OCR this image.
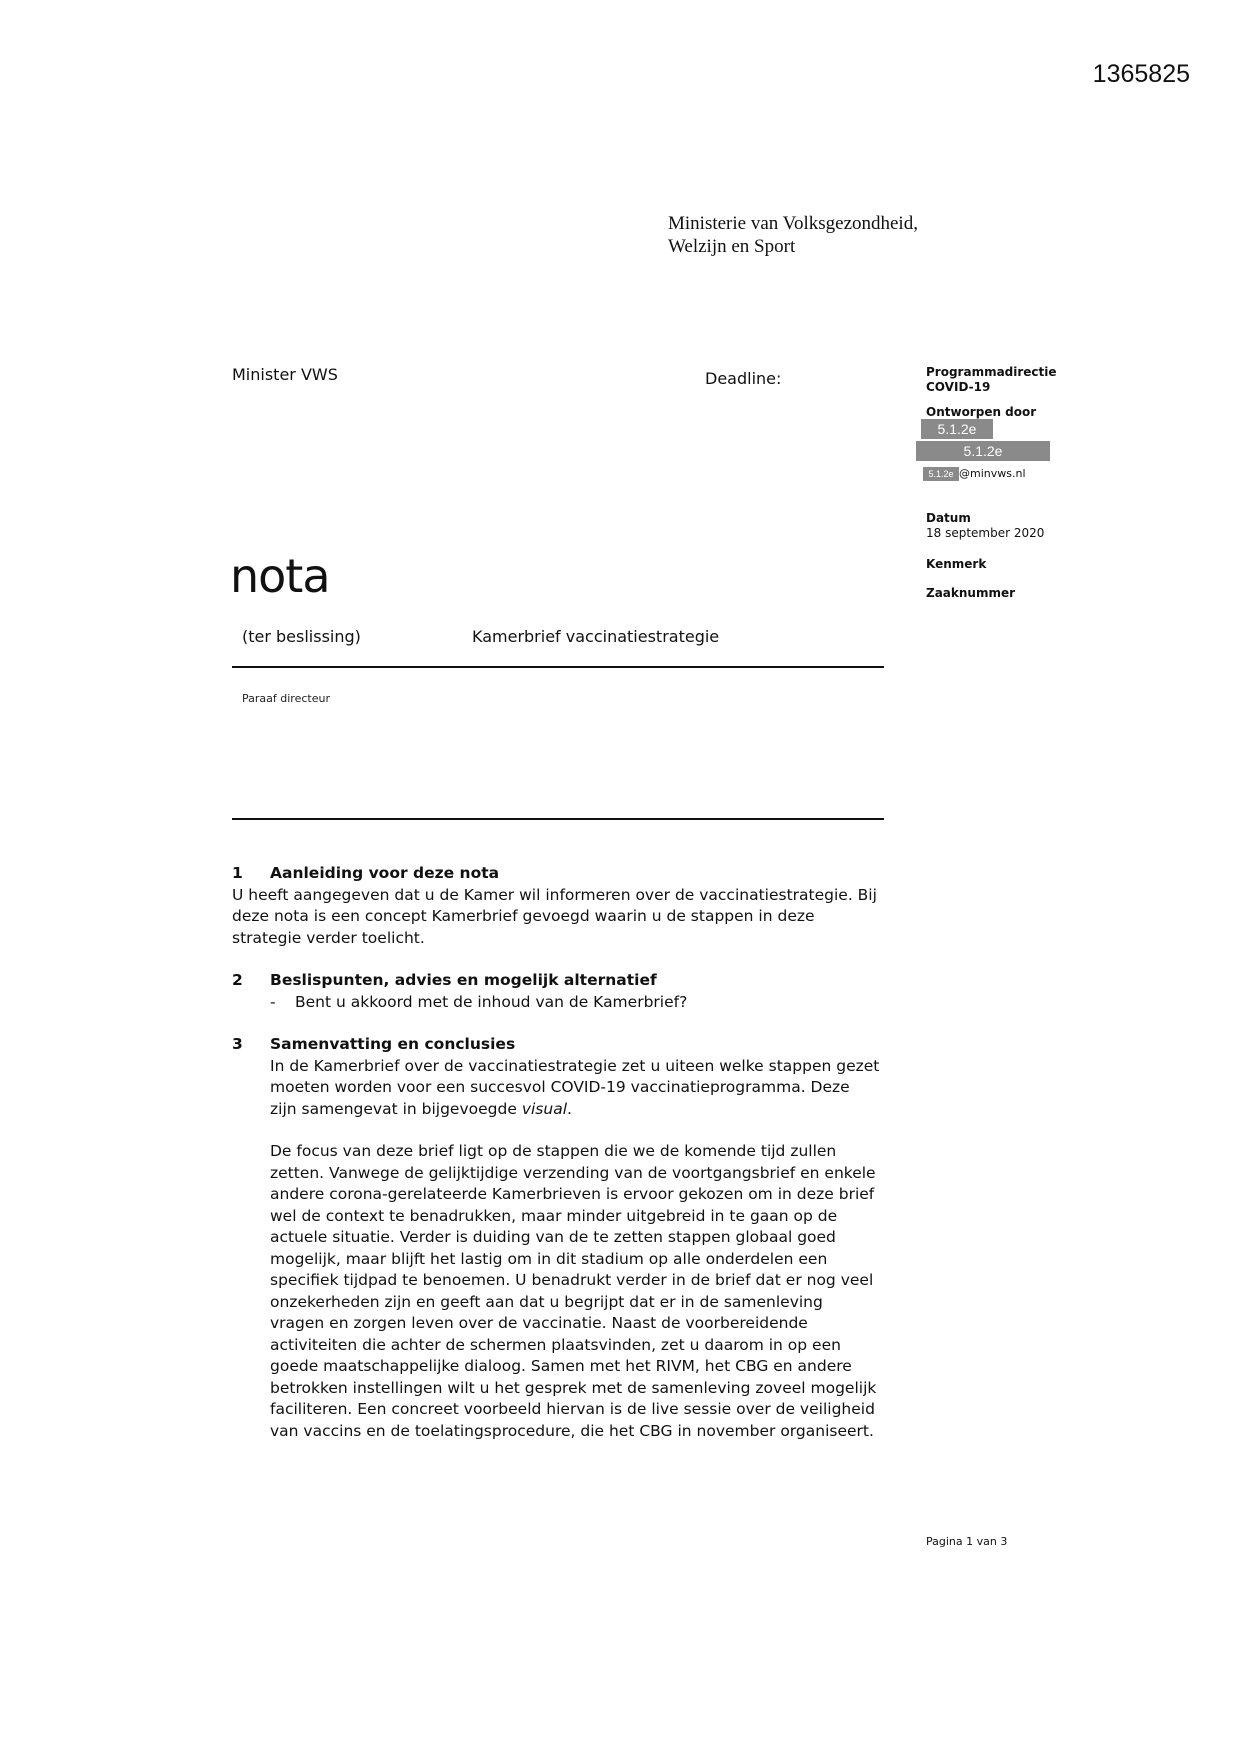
1365825
Ministerie van Volksgezondheid,
Welzijn en Sport
Minister VWS	Deadline:	Programmadirectie
COVID-19
Ontworpen door
5.1.2e
5.1.2e
5.1.2e @minvws.nl
Datum
18 september 2020
Kenmerk
Zaaknummer
nota
(ter beslissing)	Kamerbrief vaccinatiestrategie
Paraaf directeur
1 Aanleiding voor deze nota
U heeft aangegeven dat u de Kamer wil informeren over de vaccinatiestrategie. Bij
deze nota is een concept Kamerbrief gevoegd waarin u de stappen in deze
strategie verder toelicht.
2 Beslispunten, advies en mogelijk alternatief
- Bent u akkoord met de inhoud van de Kamerbrief?
3 Samenvatting en conclusies
In de Kamerbrief over de vaccinatiestrategie zet u uiteen welke stappen gezet
moeten worden voor een succesvol COVID-19 vaccinatieprogramma. Deze
zijn samengevat in bijgevoegde visual.
De focus van deze brief ligt op de stappen die we de komende tijd zullen
zetten. Vanwege de gelijktijdige verzending van de voortgangsbrief en enkele
andere corona-gerelateerde Kamerbrieven is ervoor gekozen om in deze brief
wel de context te benadrukken, maar minder uitgebreid in te gaan op de
actuele situatie. Verder is duiding van de te zetten stappen globaal goed
mogelijk, maar blijft het lastig om in dit stadium op alle onderdelen een
specifiek tijdpad te benoemen. U benadrukt verder in de brief dat er nog veel
onzekerheden zijn en geeft aan dat u begrijpt dat er in de samenleving
vragen en zorgen leven over de vaccinatie. Naast de voorbereidende
activiteiten die achter de schermen plaatsvinden, zet u daarom in op een
goede maatschappelijke dialoog. Samen met het RIVM, het CBG en andere
betrokken instellingen wilt u het gesprek met de samenleving zoveel mogelijk
faciliteren. Een concreet voorbeeld hiervan is de live sessie over de veiligheid
van vaccins en de toelatingsprocedure, die het CBG in november organiseert.
Pagina 1 van 3
